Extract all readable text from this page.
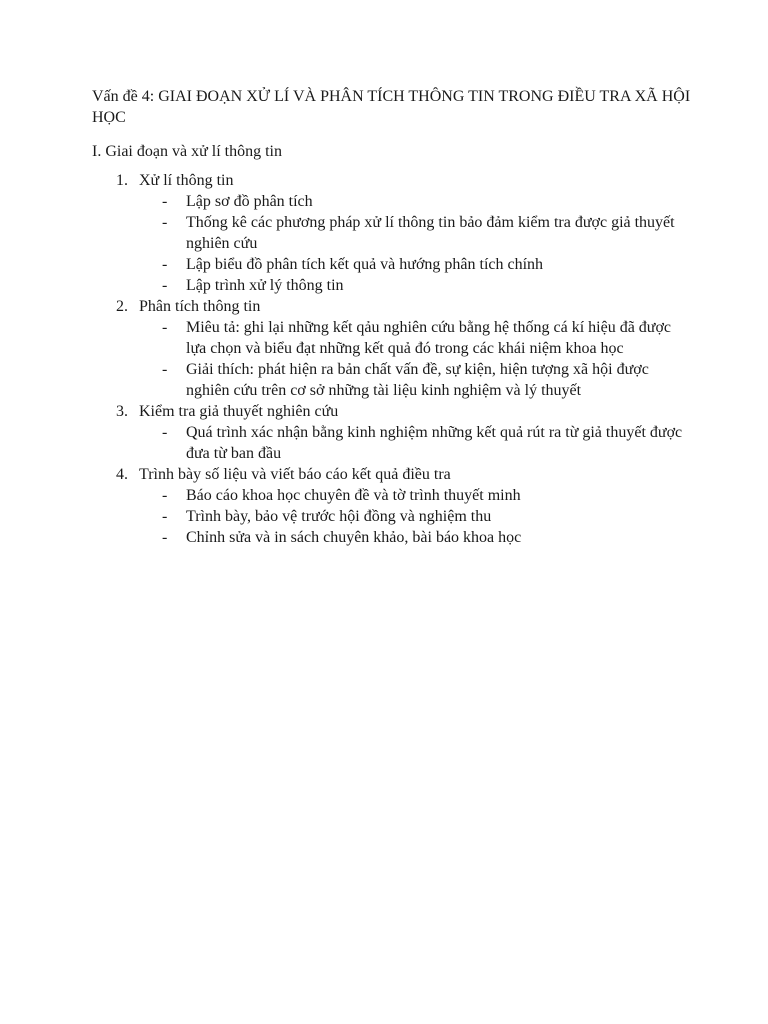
Vấn đề 4: GIAI ĐOẠN XỬ LÍ VÀ PHÂN TÍCH THÔNG TIN TRONG ĐIỀU TRA XÃ HỘI HỌC
I. Giai đoạn và xử lí thông tin
1. Xử lí thông tin
- Lập sơ đồ phân tích
- Thống kê các phương pháp xử lí thông tin bảo đảm kiểm tra được giả thuyết nghiên cứu
- Lập biểu đồ phân tích kết quả và hướng phân tích chính
- Lập trình xử lý thông tin
2. Phân tích thông tin
- Miêu tả: ghi lại những kết qảu nghiên cứu bằng hệ thống cá kí hiệu đã được lựa chọn và biểu đạt những kết quả đó trong các khái niệm khoa học
- Giải thích: phát hiện ra bản chất vấn đề, sự kiện, hiện tượng xã hội được nghiên cứu trên cơ sở những tài liệu kinh nghiệm và lý thuyết
3. Kiểm tra giả thuyết nghiên cứu
- Quá trình xác nhận bằng kinh nghiệm những kết quả rút ra từ giả thuyết được đưa từ ban đầu
4. Trình bày số liệu và viết báo cáo kết quả điều tra
- Báo cáo khoa học chuyên đề và tờ trình thuyết minh
- Trình bày, bảo vệ trước hội đồng và nghiệm thu
- Chỉnh sửa và in sách chuyên khảo, bài báo khoa học
